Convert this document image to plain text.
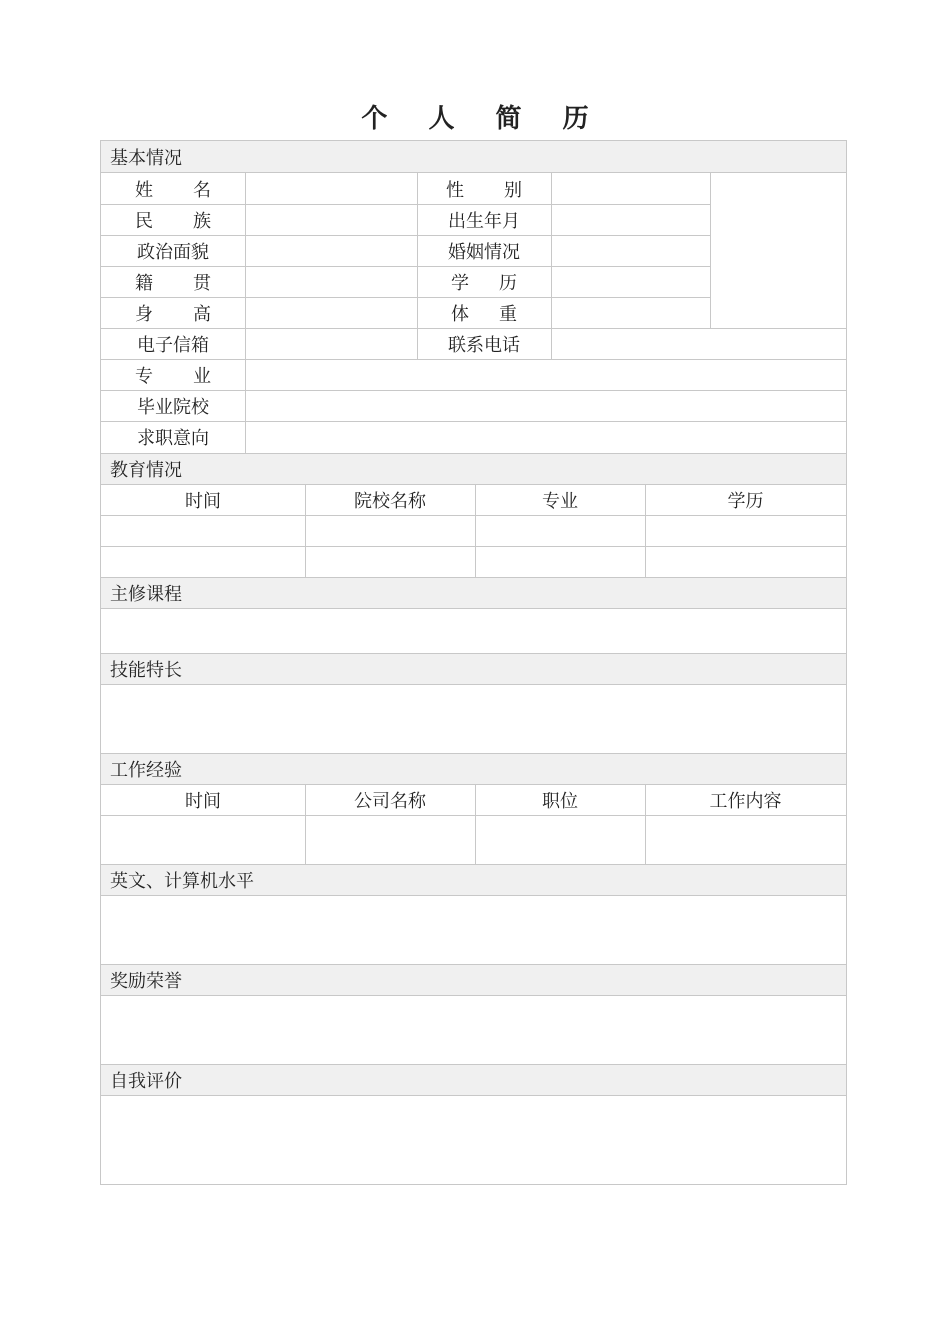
个 人 简 历
基本情况
姓 名	性 别
民 族	出生年月
政治面貌	婚姻情况
籍 贯	学 历
身 高	体 重
电子信箱	联系电话
专 业
毕业院校
求职意向
教育情况
时间	院校名称	专业	学历
主修课程
技能特长
工作经验
时间	公司名称	职位	工作内容
英文、计算机水平
奖励荣誉
自我评价
